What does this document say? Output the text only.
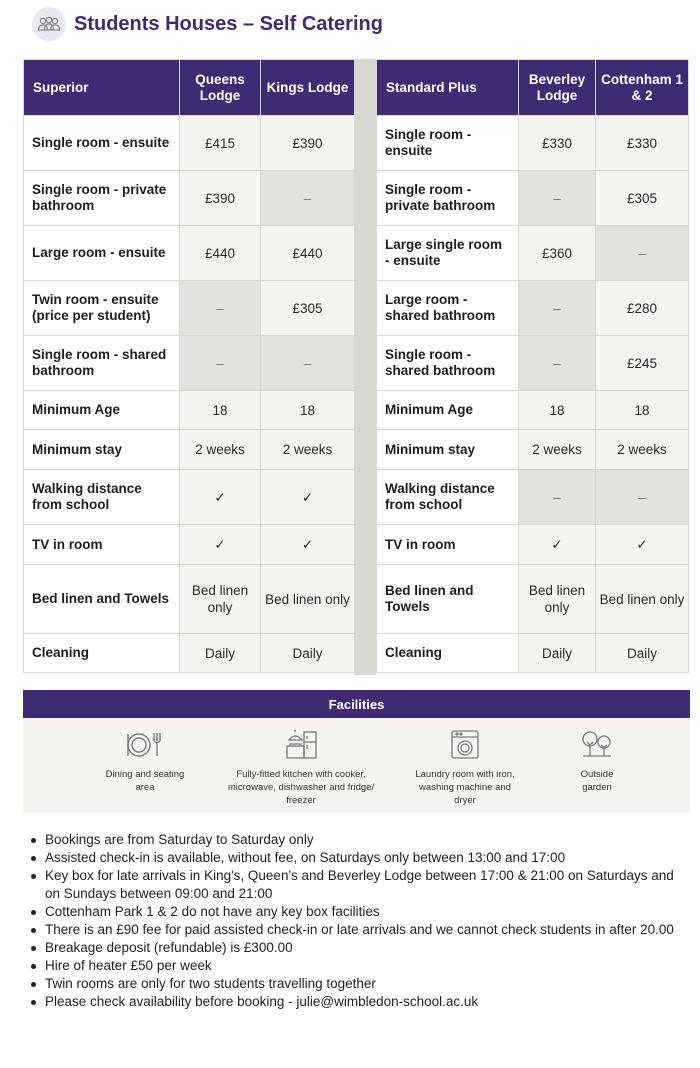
Students Houses – Self Catering
Superior	Queens Lodge	Kings Lodge
Single room - ensuite	£415	£390
Single room - private bathroom	£390	–
Large room - ensuite	£440	£440
Twin room - ensuite (price per student)	–	£305
Single room - shared bathroom	–	–
Minimum Age	18	18
Minimum stay	2 weeks	2 weeks
Walking distance from school	✓	✓
TV in room	✓	✓
Bed linen and Towels	Bed linen only	Bed linen only
Cleaning	Daily	Daily
Standard Plus	Beverley Lodge	Cottenham 1 & 2
Single room - ensuite	£330	£330
Single room - private bathroom	–	£305
Large single room - ensuite	£360	–
Large room - shared bathroom	–	£280
Single room - shared bathroom	–	£245
Minimum Age	18	18
Minimum stay	2 weeks	2 weeks
Walking distance from school	–	–
TV in room	✓	✓
Bed linen and Towels	Bed linen only	Bed linen only
Cleaning	Daily	Daily
Facilities
Dining and seating area
Fully-fitted kitchen with cooker, microwave, dishwasher and fridge/ freezer
Laundry room with iron, washing machine and dryer
Outside garden
Bookings are from Saturday to Saturday only
Assisted check-in is available, without fee, on Saturdays only between 13:00 and 17:00
Key box for late arrivals in King's, Queen's and Beverley Lodge between 17:00 & 21:00 on Saturdays and on Sundays between 09:00 and 21:00
Cottenham Park 1 & 2 do not have any key box facilities
There is an £90 fee for paid assisted check-in or late arrivals and we cannot check students in after 20.00
Breakage deposit (refundable) is £300.00
Hire of heater £50 per week
Twin rooms are only for two students travelling together
Please check availability before booking - julie@wimbledon-school.ac.uk
